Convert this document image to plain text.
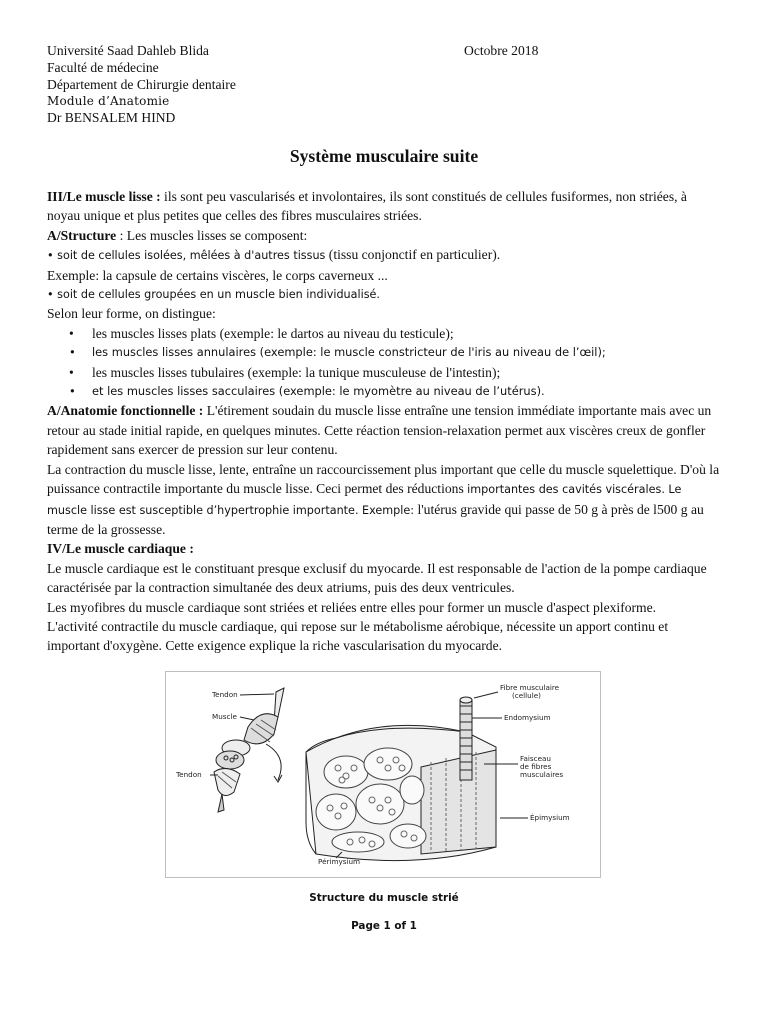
Université Saad Dahleb Blida
Faculté de médecine
Département de Chirurgie dentaire
Module d’Anatomie
Dr BENSALEM HIND
Octobre 2018
Système musculaire suite

III/Le muscle lisse : ils sont peu vascularisés et involontaires, ils sont constitués de cellules fusiformes, non striées, à noyau unique et plus petites que celles des fibres musculaires striées.

A/Structure : Les muscles lisses se composent:

• soit de cellules isolées, mêlées à d'autres tissus (tissu conjonctif en particulier).

Exemple: la capsule de certains viscères, le corps caverneux ...

• soit de cellules groupées en un muscle bien individualisé.

Selon leur forme, on distingue:

• les muscles lisses plats (exemple: le dartos au niveau du testicule);
• les muscles lisses annulaires (exemple: le muscle constricteur de l'iris au niveau de l’œil);
• les muscles lisses tubulaires (exemple: la tunique musculeuse de l'intestin);
• et les muscles lisses sacculaires (exemple: le myomètre au niveau de l’utérus).

A/Anatomie fonctionnelle : L'étirement soudain du muscle lisse entraîne une tension immédiate importante mais avec un retour au stade initial rapide, en quelques minutes. Cette réaction tension-relaxation permet aux viscères creux de gonfler rapidement sans exercer de pression sur leur contenu.

La contraction du muscle lisse, lente, entraîne un raccourcissement plus important que celle du muscle squelettique. D'où la puissance contractile importante du muscle lisse. Ceci permet des réductions importantes des cavités viscérales. Le muscle lisse est susceptible d’hypertrophie importante. Exemple: l'utérus gravide qui passe de 50 g à près de l500 g au terme de la grossesse.

IV/Le muscle cardiaque :

Le muscle cardiaque est le constituant presque exclusif du myocarde. Il est responsable de l'action de la pompe cardiaque caractérisée par la contraction simultanée des deux atriums, puis des deux ventricules.

Les myofibres du muscle cardiaque sont striées et reliées entre elles pour former un muscle d'aspect plexiforme.

L'activité contractile du muscle cardiaque, qui repose sur le métabolisme aérobique, nécessite un apport continu et important d'oxygène. Cette exigence explique la riche vascularisation du myocarde.

Tendon
Muscle
Tendon
Fibre musculaire
(cellule)
Endomysium
Faisceau
de fibres
musculaires
Épimysium
Périmysium
Structure du muscle strié
Page 1 of 1
